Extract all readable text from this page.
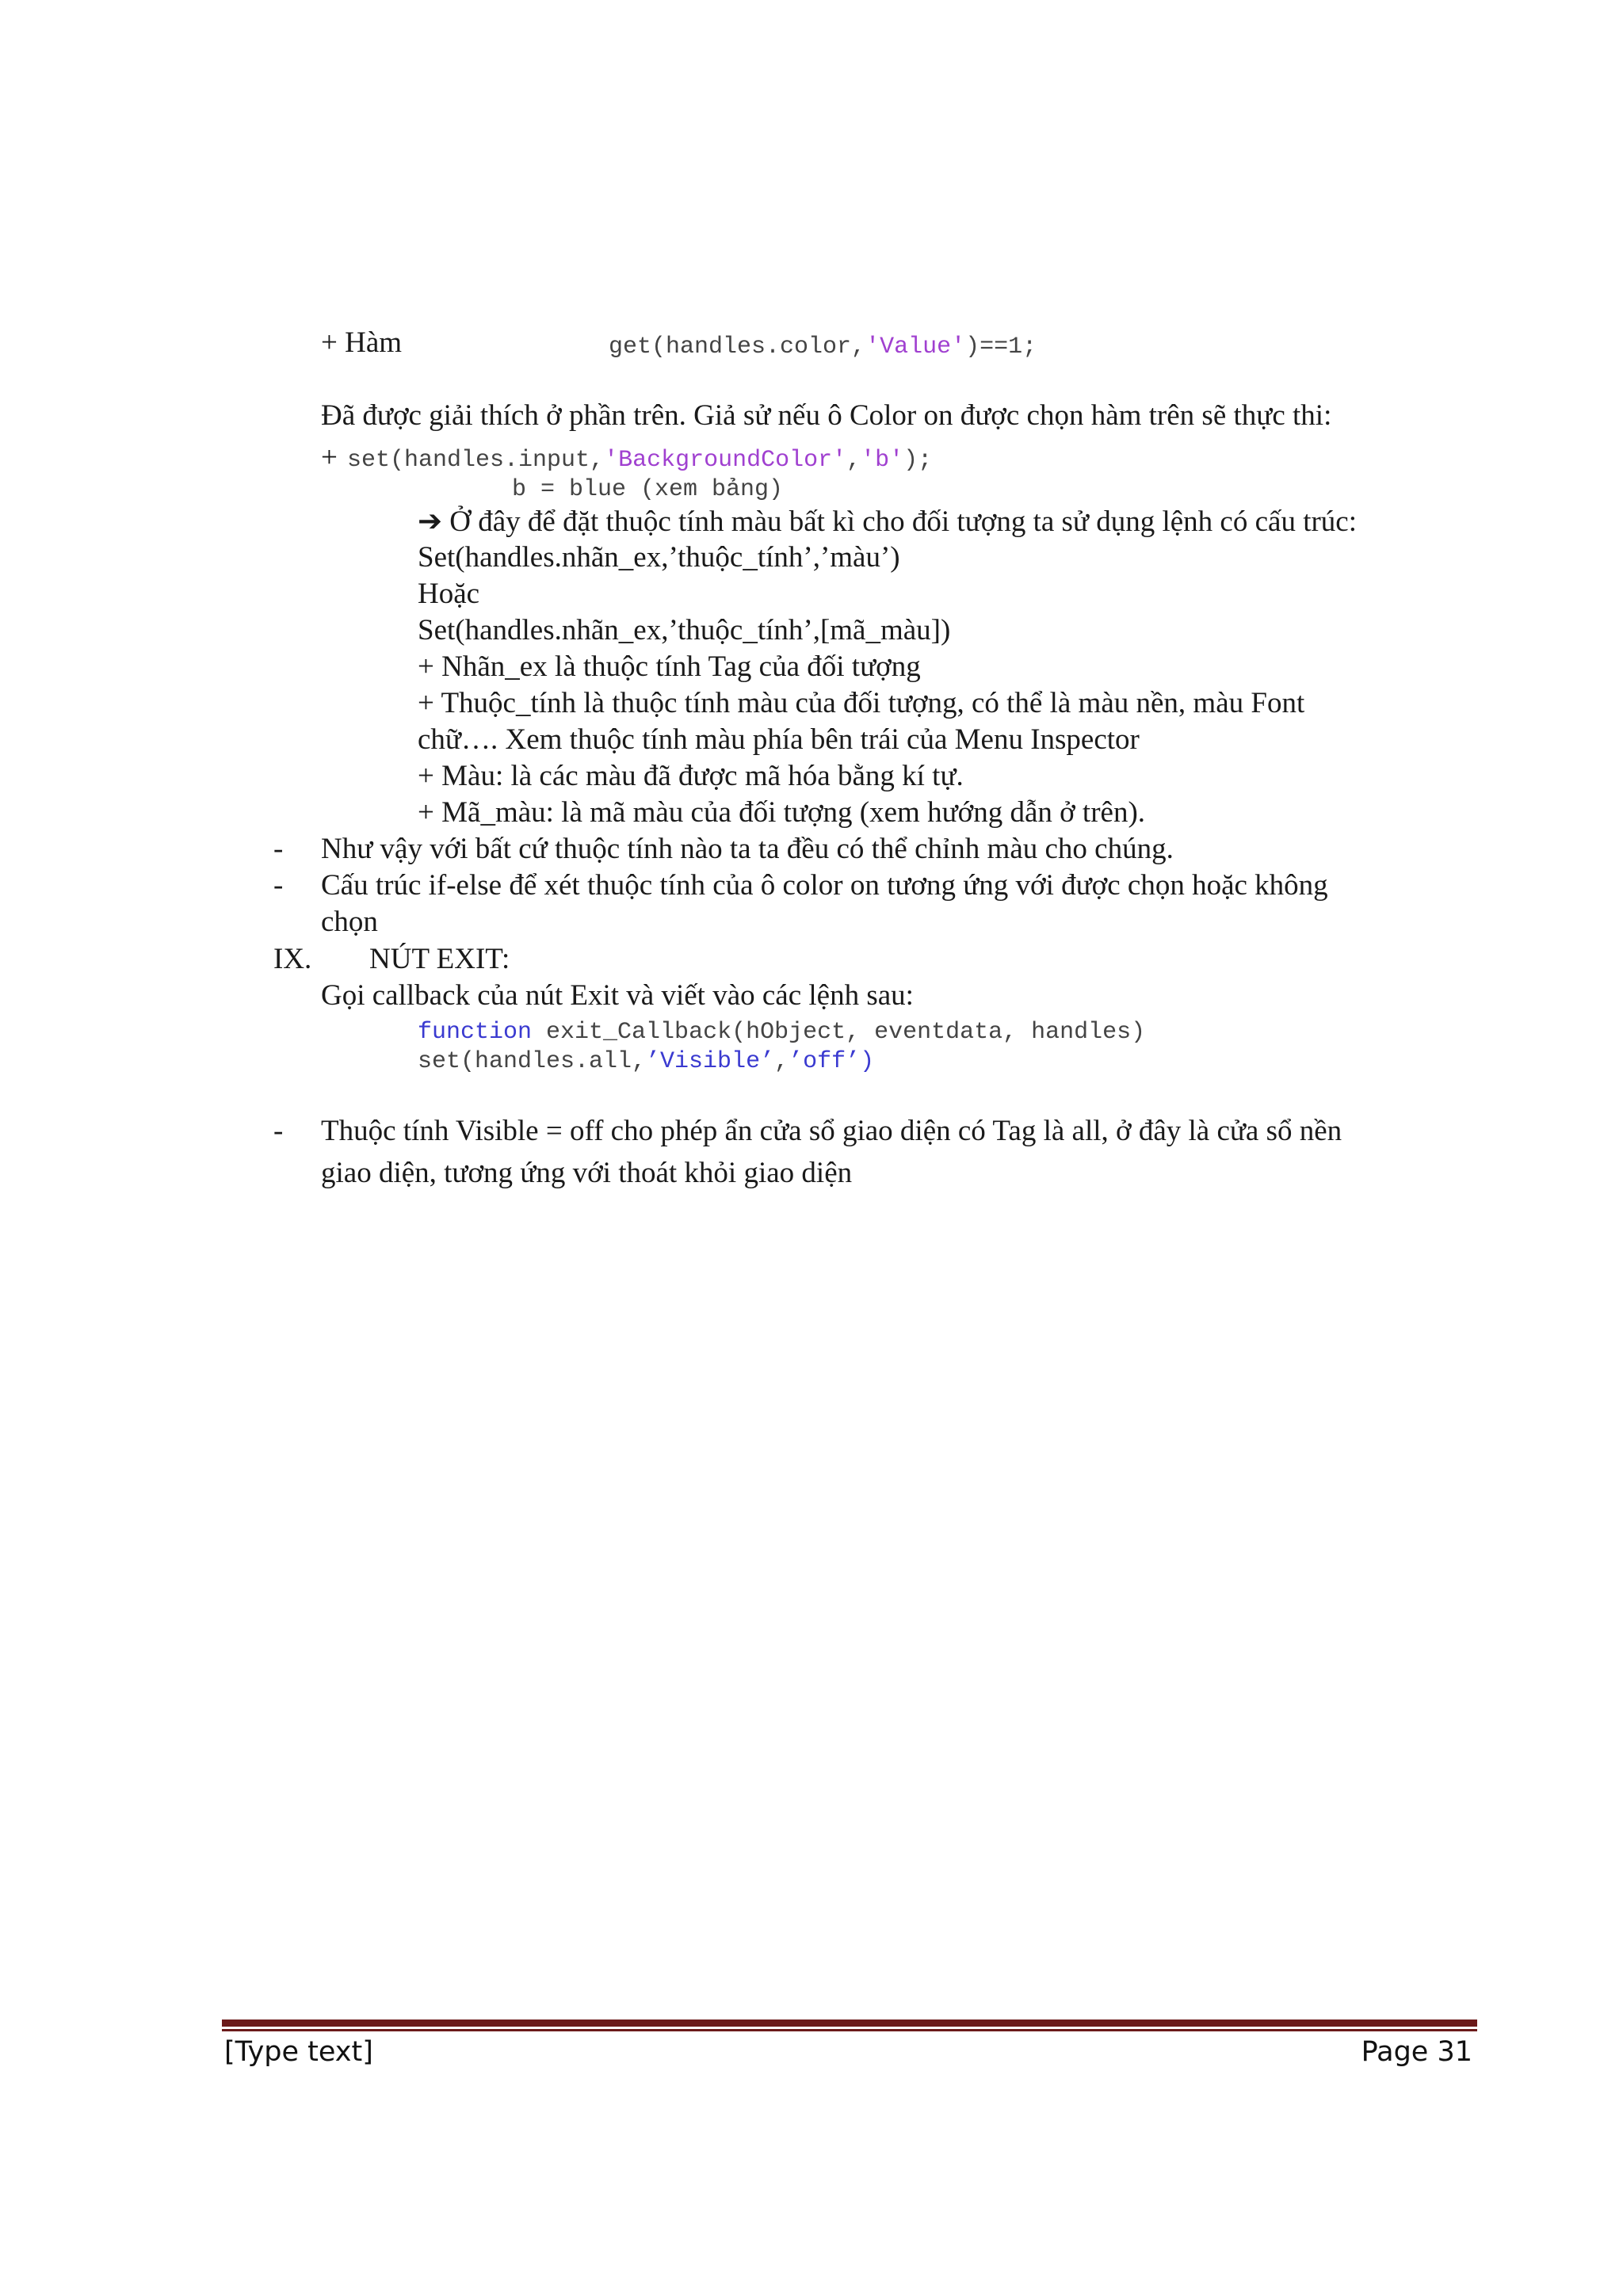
+ Hàm	get(handles.color,'Value')==1;
Đã được giải thích ở phần trên. Giả sử nếu ô Color on được chọn hàm trên sẽ thực thi:
+ set(handles.input,'BackgroundColor','b');
b = blue (xem bảng)
➔ Ở đây để đặt thuộc tính màu bất kì cho đối tượng ta sử dụng lệnh có cấu trúc:
Set(handles.nhãn_ex,’thuộc_tính’,’màu’)
Hoặc
Set(handles.nhãn_ex,’thuộc_tính’,[mã_màu])
+ Nhãn_ex là thuộc tính Tag của đối tượng
+ Thuộc_tính là thuộc tính màu của đối tượng, có thể là màu nền, màu Font
chữ…. Xem thuộc tính màu phía bên trái của Menu Inspector
+ Màu: là các màu đã được mã hóa bằng kí tự.
+ Mã_màu: là mã màu của đối tượng (xem hướng dẫn ở trên).
- Như vậy với bất cứ thuộc tính nào ta ta đều có thể chỉnh màu cho chúng.
- Cấu trúc if-else để xét thuộc tính của ô color on tương ứng với được chọn hoặc không
chọn
IX. NÚT EXIT:
Gọi callback của nút Exit và viết vào các lệnh sau:
function exit_Callback(hObject, eventdata, handles)
set(handles.all,’Visible’,’off’)
- Thuộc tính Visible = off cho phép ẩn cửa sổ giao diện có Tag là all, ở đây là cửa sổ nền
giao diện, tương ứng với thoát khỏi giao diện
[Type text]	Page 31
